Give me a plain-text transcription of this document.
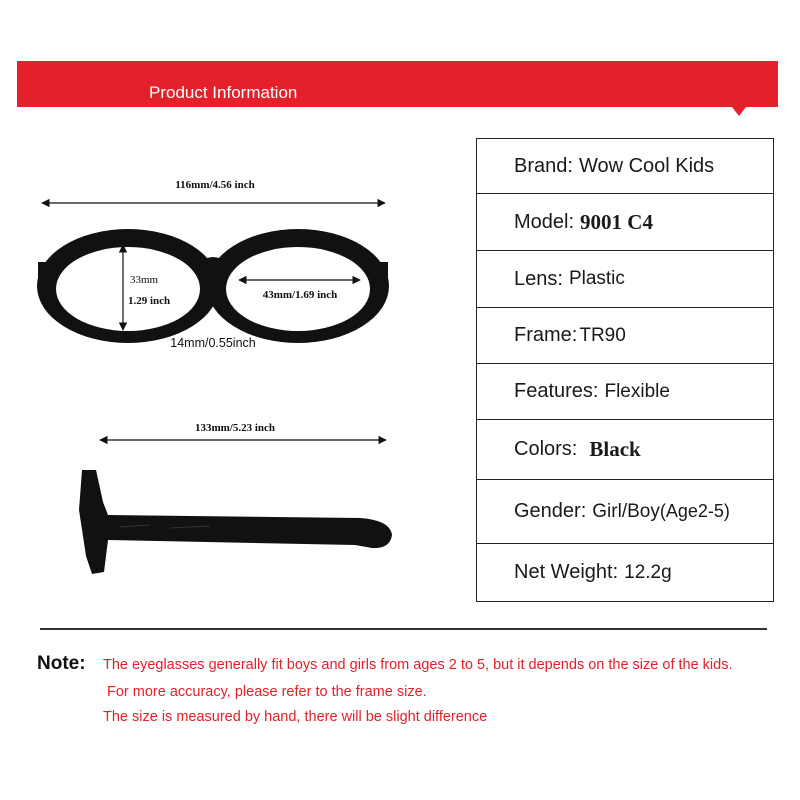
Product Information
116mm/4.56 inch
33mm
1.29 inch	43mm/1.69 inch
14mm/0.55inch
133mm/5.23 inch
Brand: Wow Cool Kids
Model: 9001 C4
Lens: Plastic
Frame: TR90
Features: Flexible
Colors: Black
Gender: Girl/Boy (Age2-5)
Net Weight: 12.2g
Note: The eyeglasses generally fit boys and girls from ages 2 to 5, but it depends on the size of the kids.
For more accuracy, please refer to the frame size.
The size is measured by hand, there will be slight difference
